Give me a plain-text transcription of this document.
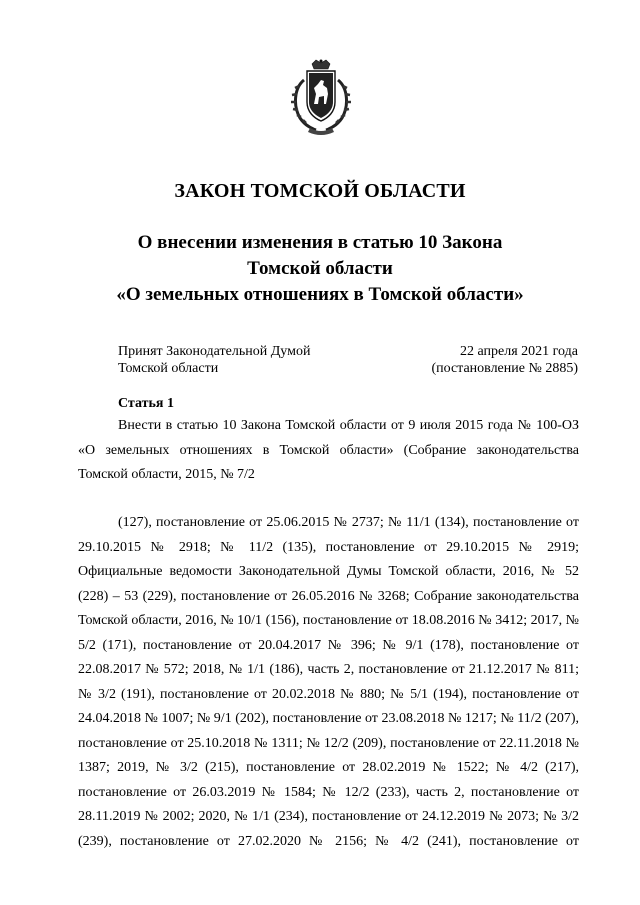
ЗАКОН ТОМСКОЙ ОБЛАСТИ
О внесении изменения в статью 10 Закона
Томской области
«О земельных отношениях в Томской области»
Принят Законодательной Думой
Томской области
22 апреля 2021 года
(постановление № 2885)
Статья 1

Внести в статью 10 Закона Томской области от 9 июля 2015 года № 100-ОЗ
«О земельных отношениях в Томской области» (Собрание законодательства
Томской области, 2015, № 7/2

(127), постановление от 25.06.2015 № 2737; № 11/1 (134), постановление от
29.10.2015 № 2918; № 11/2 (135), постановление от 29.10.2015 № 2919;
Официальные ведомости Законодательной Думы Томской области, 2016, № 52
(228) – 53 (229), постановление от 26.05.2016 № 3268; Собрание законодательства
Томской области, 2016, № 10/1 (156), постановление от 18.08.2016 № 3412; 2017, №
5/2 (171), постановление от 20.04.2017 № 396; № 9/1 (178), постановление от
22.08.2017 № 572; 2018, № 1/1 (186), часть 2, постановление от 21.12.2017 № 811;
№ 3/2 (191), постановление от 20.02.2018 № 880; № 5/1 (194), постановление от
24.04.2018 № 1007; № 9/1 (202), постановление от 23.08.2018 № 1217; № 11/2 (207),
постановление от 25.10.2018 № 1311; № 12/2 (209), постановление от 22.11.2018 №
1387; 2019, № 3/2 (215), постановление от 28.02.2019 № 1522; № 4/2 (217),
постановление от 26.03.2019 № 1584; № 12/2 (233), часть 2, постановление от
28.11.2019 № 2002; 2020, № 1/1 (234), постановление от 24.12.2019 № 2073; № 3/2
(239), постановление от 27.02.2020 № 2156; № 4/2 (241), постановление от
